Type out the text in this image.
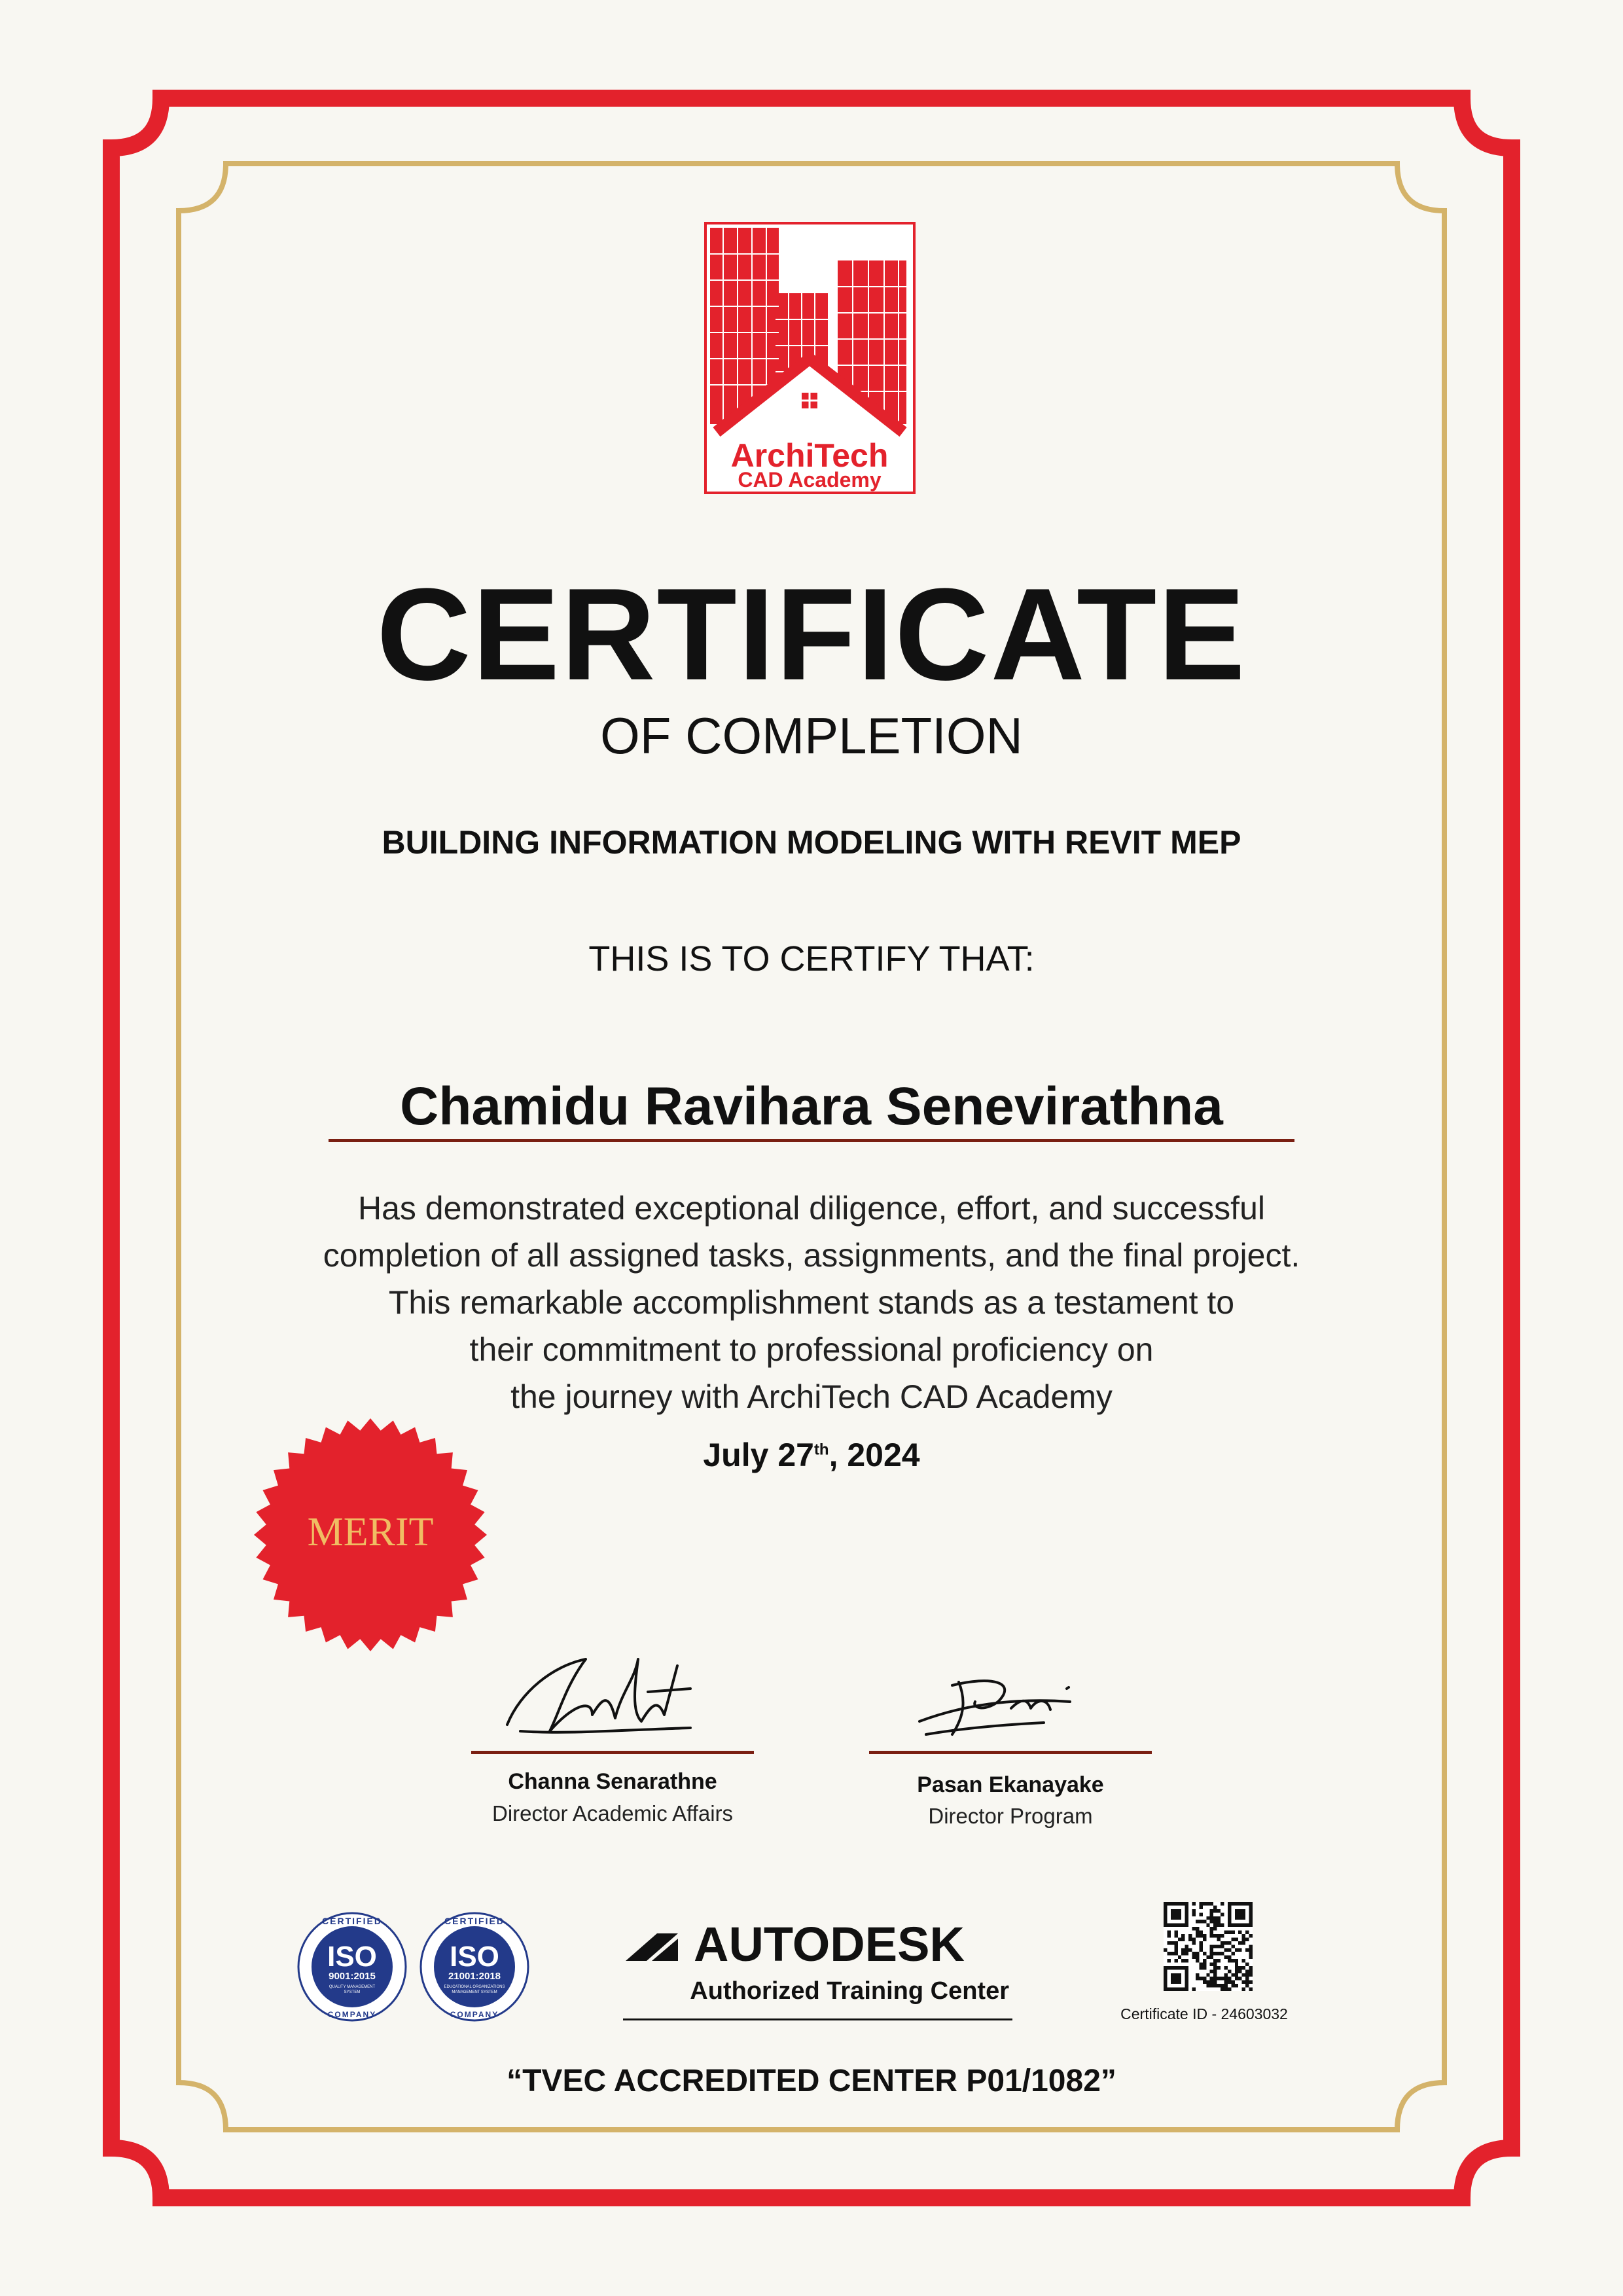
ArchiTech
CAD Academy
CERTIFICATE
OF COMPLETION
BUILDING INFORMATION MODELING WITH REVIT MEP
THIS IS TO CERTIFY THAT:
Chamidu Ravihara Senevirathna
Has demonstrated exceptional diligence, effort, and successful
completion of all assigned tasks, assignments, and the final project.
This remarkable accomplishment stands as a testament to
their commitment to professional proficiency on
the journey with ArchiTech CAD Academy
July 27th, 2024
MERIT
Channa Senarathne
Director Academic Affairs
Pasan Ekanayake
Director Program
CERTIFIED
ISO
9001:2015
QUALITY MANAGEMENT
SYSTEM
COMPANY
CERTIFIED
ISO
21001:2018
EDUCATIONAL ORGANIZATIONS
MANAGEMENT SYSTEM
COMPANY
AUTODESK
Authorized Training Center
Certificate ID - 24603032
“TVEC ACCREDITED CENTER P01/1082”
